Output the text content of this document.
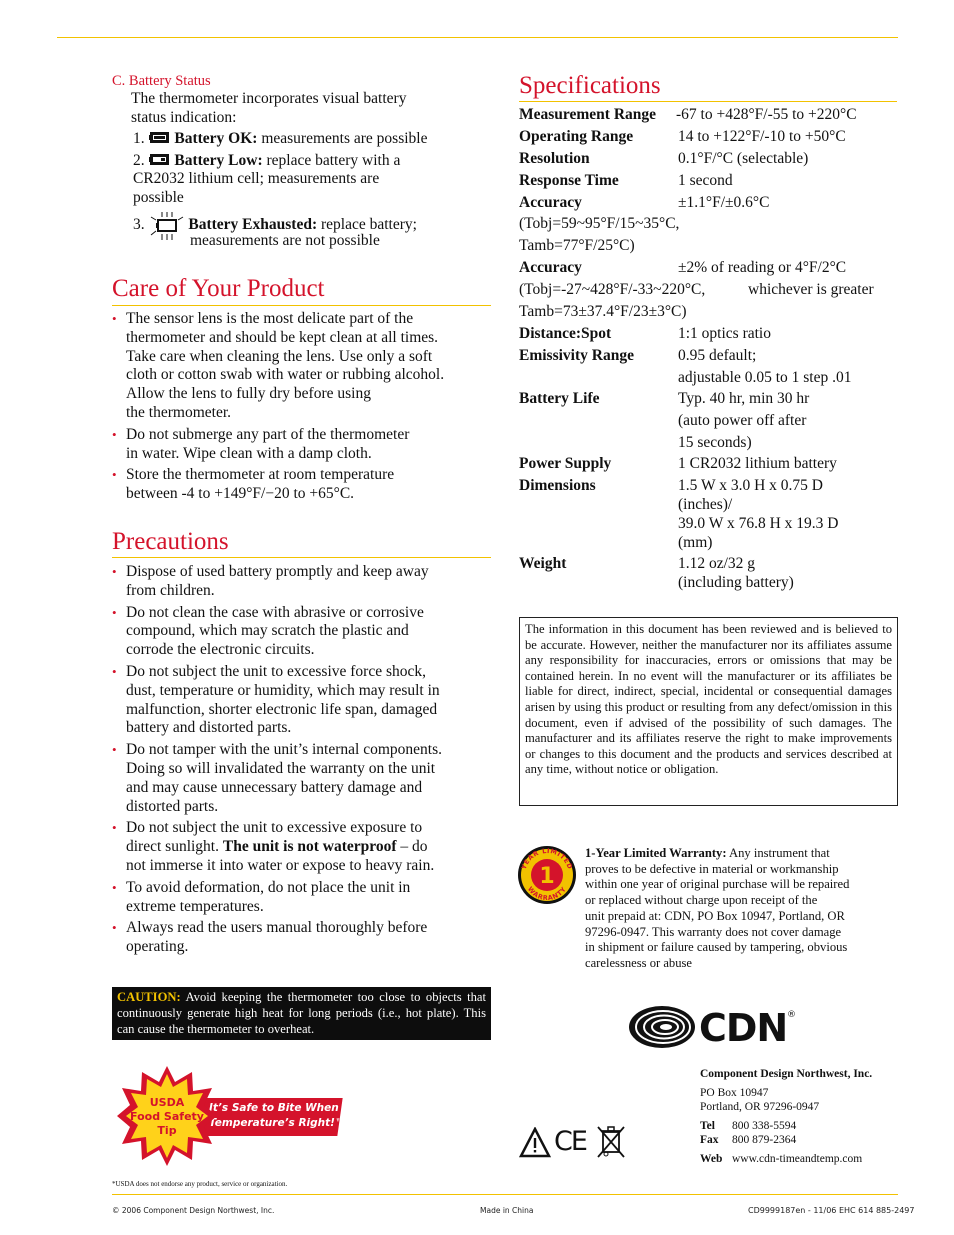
C. Battery Status
The thermometer incorporates visual battery
status indication:
1. Battery OK: measurements are possible
2. Battery Low: replace battery with a
CR2032 lithium cell; measurements are
possible
3.	Battery Exhausted: replace battery;
measurements are not possible
Care of Your Product
• The sensor lens is the most delicate part of the
thermometer and should be kept clean at all times.
Take care when cleaning the lens. Use only a soft
cloth or cotton swab with water or rubbing alcohol.
Allow the lens to fully dry before using
the thermometer.
• Do not submerge any part of the thermometer
in water. Wipe clean with a damp cloth.
• Store the thermometer at room temperature
between -4 to +149°F/−20 to +65°C.
Precautions
• Dispose of used battery promptly and keep away
from children.
• Do not clean the case with abrasive or corrosive
compound, which may scratch the plastic and
corrode the electronic circuits.
• Do not subject the unit to excessive force shock,
dust, temperature or humidity, which may result in
malfunction, shorter electronic life span, damaged
battery and distorted parts.
• Do not tamper with the unit’s internal components.
Doing so will invalidated the warranty on the unit
and may cause unnecessary battery damage and
distorted parts.
• Do not subject the unit to excessive exposure to
direct sunlight. The unit is not waterproof – do
not immerse it into water or expose to heavy rain.
• To avoid deformation, do not place the unit in
extreme temperatures.
• Always read the users manual thoroughly before
operating.
CAUTION: Avoid keeping the thermometer too close to objects that continuously generate high heat for long periods (i.e., hot plate). This can cause the thermometer to overheat.
It’s Safe to Bite When the
Temperature’s Right!™
USDA
Food Safety
Tip
*USDA does not endorse any product, service or organization.
Specifications
Measurement Range -67 to +428°F/-55 to +220°C
Operating Range	14 to +122°F/-10 to +50°C
Resolution	0.1°F/°C (selectable)
Response Time	1 second
Accuracy	±1.1°F/±0.6°C
(Tobj=59~95°F/15~35°C,
Tamb=77°F/25°C)
Accuracy	±2% of reading or 4°F/2°C
(Tobj=-27~428°F/-33~220°C,	whichever is greater
Tamb=73±37.4°F/23±3°C)
Distance:Spot	1:1 optics ratio
Emissivity Range	0.95 default;
adjustable 0.05 to 1 step .01
Battery Life	Typ. 40 hr, min 30 hr
(auto power off after
15 seconds)
Power Supply	1 CR2032 lithium battery
Dimensions	1.5 W x 3.0 H x 0.75 D
(inches)/
39.0 W x 76.8 H x 19.3 D
(mm)
Weight	1.12 oz/32 g
(including battery)
The information in this document has been reviewed and is believed to be accurate. However, neither the manufacturer nor its affiliates assume any responsibility for inaccuracies, errors or omissions that may be contained herein. In no event will the manufacturer or its affiliates be liable for direct, indirect, special, incidental or consequential damages arisen by using this product or resulting from any defect/omission in this document, even if advised of the possibility of such damages. The manufacturer and its affiliates reserve the right to make improvements or changes to this document and the products and services described at any time, without notice or obligation.
YEAR LIMITED
WARRANTY
1
1-Year Limited Warranty: Any instrument that
proves to be defective in material or workmanship
within one year of original purchase will be repaired
or replaced without charge upon receipt of the
unit prepaid at: CDN, PO Box 10947, Portland, OR
97296-0947. This warranty does not cover damage
in shipment or failure caused by tampering, obvious
carelessness or abuse
CDN ®
Component Design Northwest, Inc.
PO Box 10947
Portland, OR 97296-0947
Tel 800 338-5594
Fax 800 879-2364
Web www.cdn-timeandtemp.com
CE
© 2006 Component Design Northwest, Inc.	Made in China	CD9999187en - 11/06 EHC 614 885-2497
